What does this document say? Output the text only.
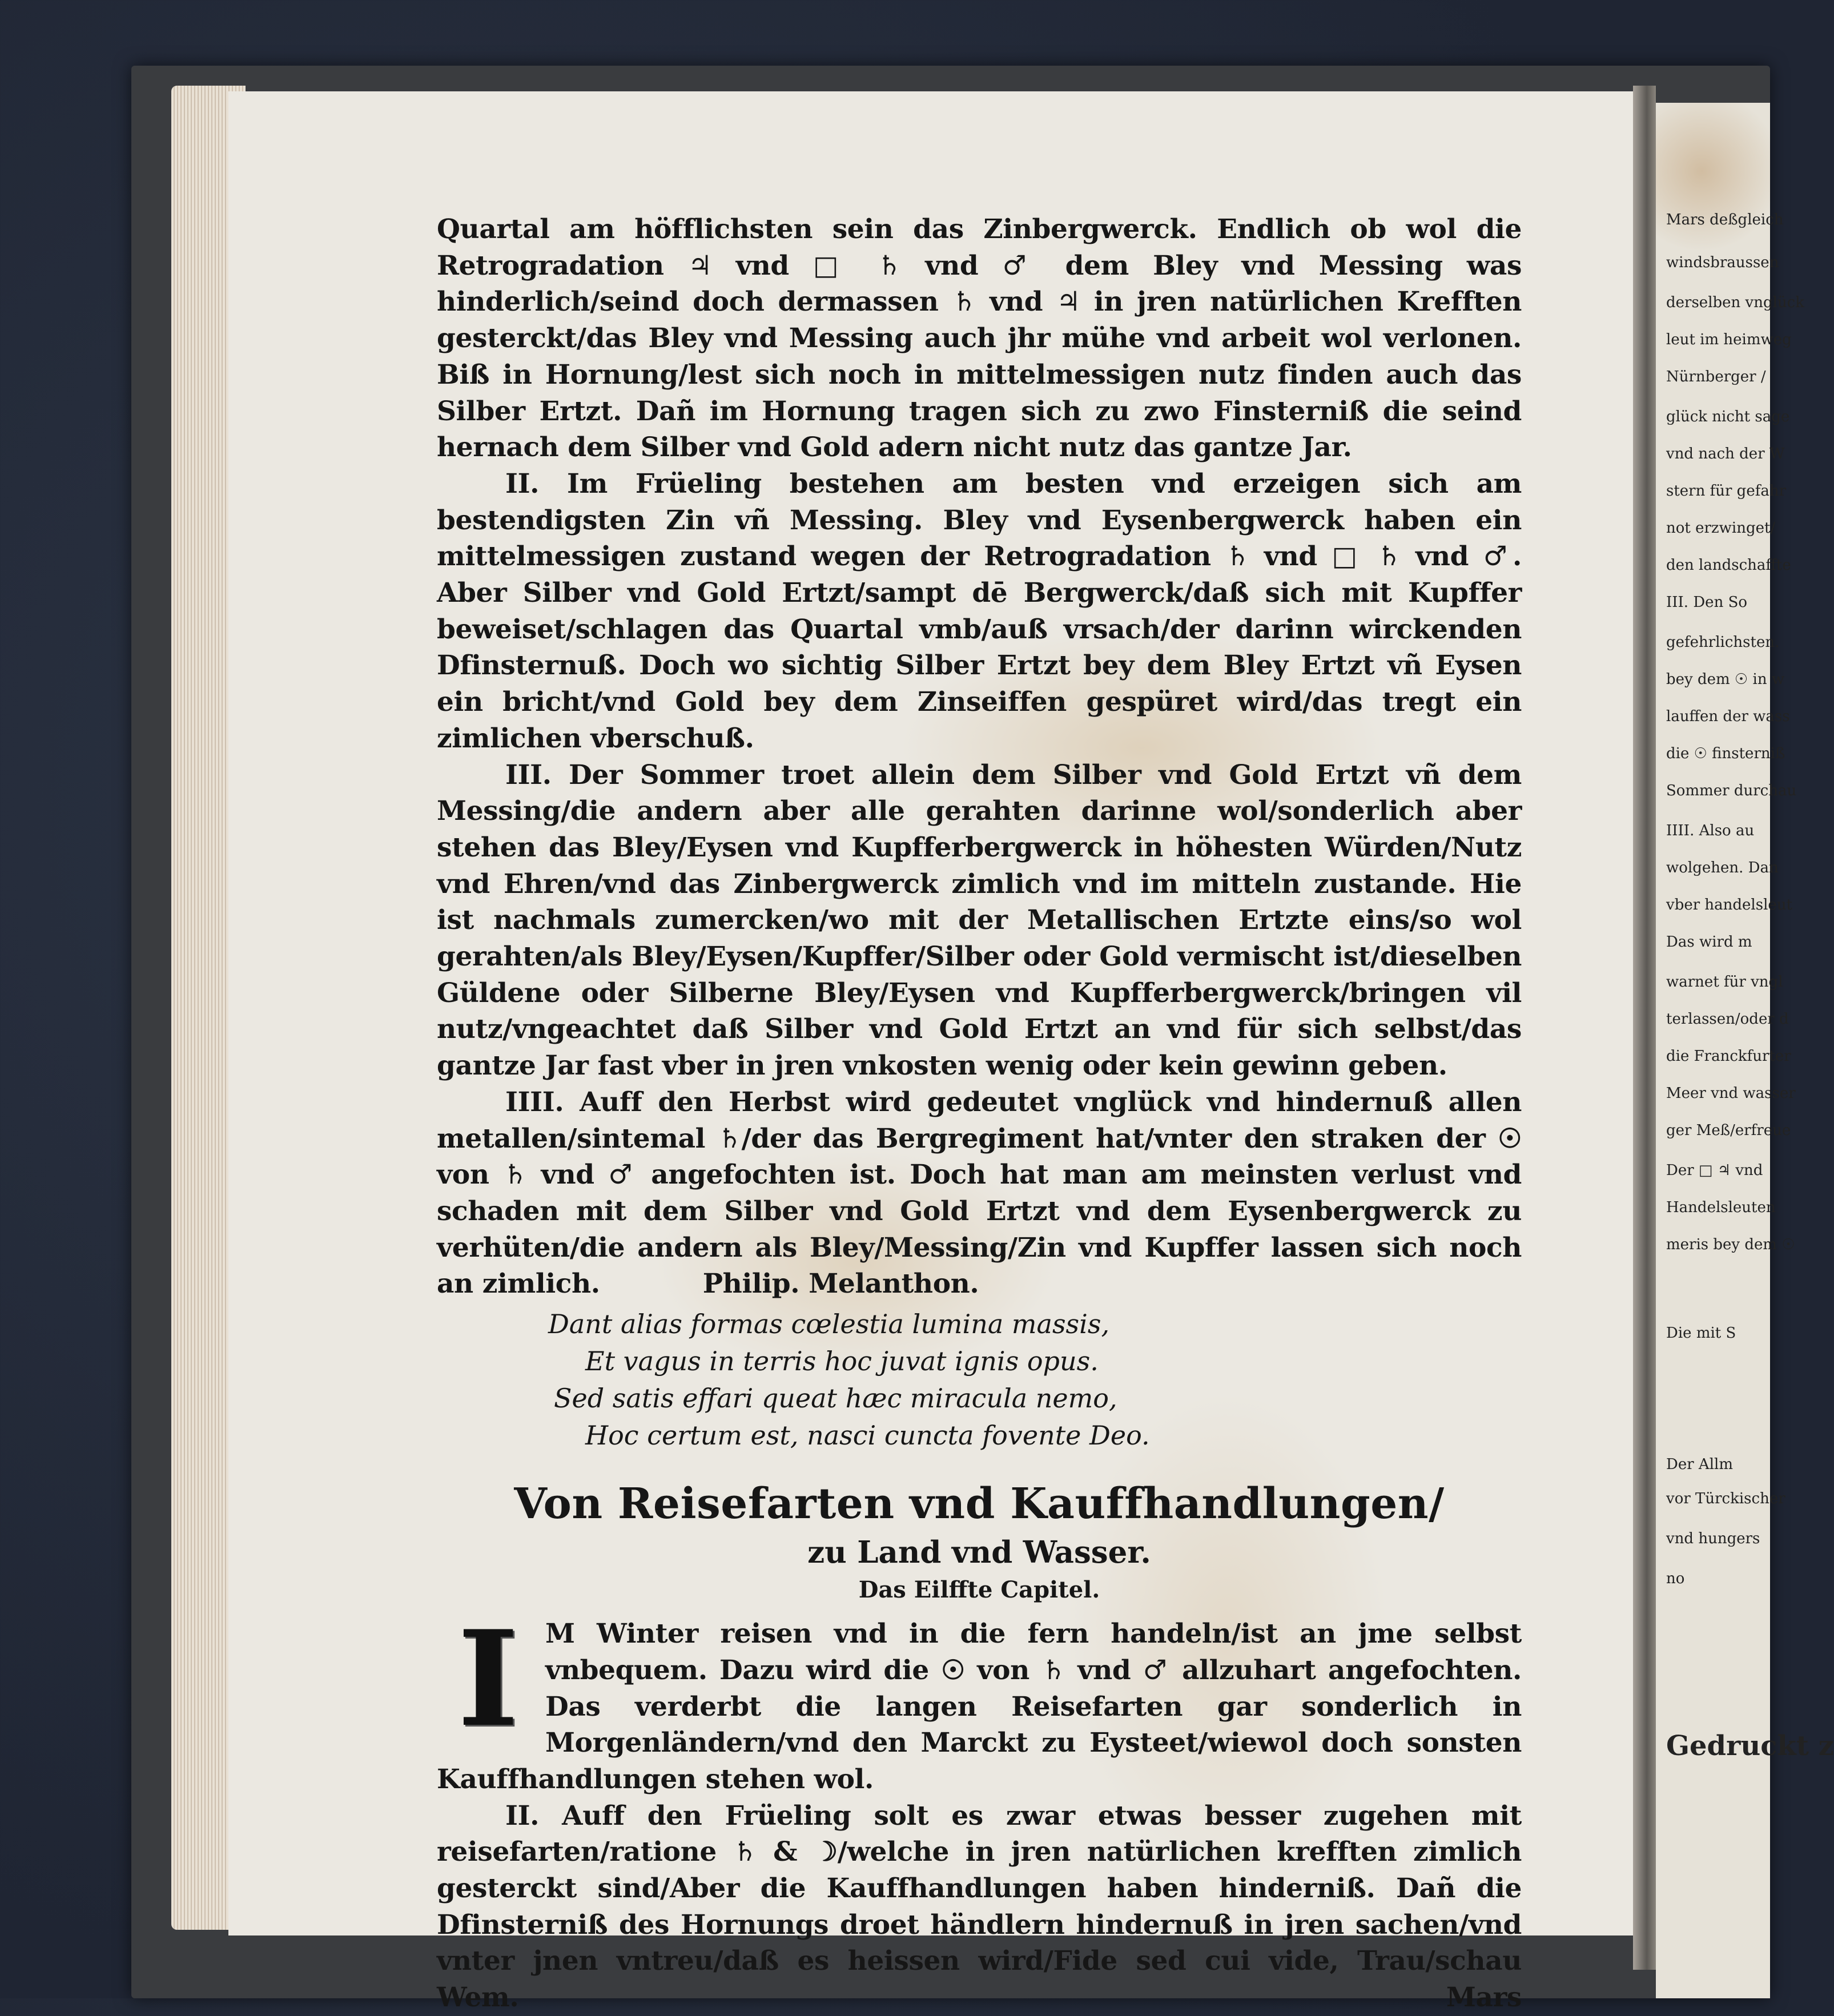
Mars deßgleich
windsbraussen
derselben vnglück
leut im heimweg
Nürnberger /
glück nicht sage
vnd nach der W
stern für gefahr
not erzwinget/
den landschaffte
III. Den So
gefehrlichsten.
bey dem ☉ in w
lauffen der wass
die ☉ finsterniß
Sommer durchau
IIII. Also au
wolgehen. Dan
vber handelsleut
Das wird m
warnet für vngl
terlassen/oder d
die Franckfurter
Meer vnd wasser
ger Meß/erfreue
Der □ ♃ vnd
Handelsleuten
meris bey dem ☉
Die mit S
Der Allm
vor Türckischer
vnd hungers
no
Gedruckt z

Quartal am höfflichsten sein das Zinbergwerck. Endlich ob wol die Retrogradation ♃ vnd □ ♄ vnd ♂ dem Bley vnd Messing was hinderlich/seind doch dermassen ♄ vnd ♃ in jren natürlichen Krefften gesterckt/das Bley vnd Messing auch jhr mühe vnd arbeit wol verlonen. Biß in Hornung/lest sich noch in mittelmessigen nutz finden auch das Silber Ertzt. Dañ im Hornung tragen sich zu zwo Finsterniß die seind hernach dem Silber vnd Gold adern nicht nutz das gantze Jar.

II. Im Früeling bestehen am besten vnd erzeigen sich am bestendigsten Zin vñ Messing. Bley vnd Eysenbergwerck haben ein mittelmessigen zustand wegen der Retrogradation ♄ vnd □ ♄ vnd ♂. Aber Silber vnd Gold Ertzt/sampt dē Bergwerck/daß sich mit Kupffer beweiset/schlagen das Quartal vmb/auß vrsach/der darinn wirckenden Dfinsternuß. Doch wo sichtig Silber Ertzt bey dem Bley Ertzt vñ Eysen ein bricht/vnd Gold bey dem Zinseiffen gespüret wird/das tregt ein zimlichen vberschuß.

III. Der Sommer troet allein dem Silber vnd Gold Ertzt vñ dem Messing/die andern aber alle gerahten darinne wol/sonderlich aber stehen das Bley/Eysen vnd Kupfferbergwerck in höhesten Würden/Nutz vnd Ehren/vnd das Zinbergwerck zimlich vnd im mitteln zustande. Hie ist nachmals zumercken/wo mit der Metallischen Ertzte eins/so wol gerahten/als Bley/Eysen/Kupffer/Silber oder Gold vermischt ist/dieselben Güldene oder Silberne Bley/Eysen vnd Kupfferbergwerck/bringen vil nutz/vngeachtet daß Silber vnd Gold Ertzt an vnd für sich selbst/das gantze Jar fast vber in jren vnkosten wenig oder kein gewinn geben.

IIII. Auff den Herbst wird gedeutet vnglück vnd hindernuß allen metallen/sintemal ♄/der das Bergregiment hat/vnter den straken der ☉ von ♄ vnd ♂ angefochten ist. Doch hat man am meinsten verlust vnd schaden mit dem Silber vnd Gold Ertzt vnd dem Eysenbergwerck zu verhüten/die andern als Bley/Messing/Zin vnd Kupffer lassen sich noch an zimlich.	Philip. Melanthon.

Dant alias formas cœlestia lumina massis,
Et vagus in terris hoc juvat ignis opus.
Sed satis effari queat hæc miracula nemo,
Hoc certum est, nasci cuncta fovente Deo.
Von Reisefarten vnd Kauffhandlungen/
zu Land vnd Wasser.
Das Eilffte Capitel.
I M Winter reisen vnd in die fern handeln/ist an jme selbst vnbequem. Dazu wird die ☉ von ♄ vnd ♂ allzuhart angefochten. Das verderbt die langen Reisefarten gar sonderlich in Morgenländern/vnd den Marckt zu Eysteet/wiewol doch sonsten Kauffhandlungen stehen wol.

II. Auff den Früeling solt es zwar etwas besser zugehen mit reisefarten/ratione ♄ & ☽/welche in jren natürlichen krefften zimlich gesterckt sind/Aber die Kauffhandlungen haben hinderniß. Dañ die Dfinsterniß des Hornungs droet händlern hindernuß in jren sachen/vnd vnter jnen vntreu/daß es heissen wird/Fide sed cui vide, Trau/schau Wem.	Mars
